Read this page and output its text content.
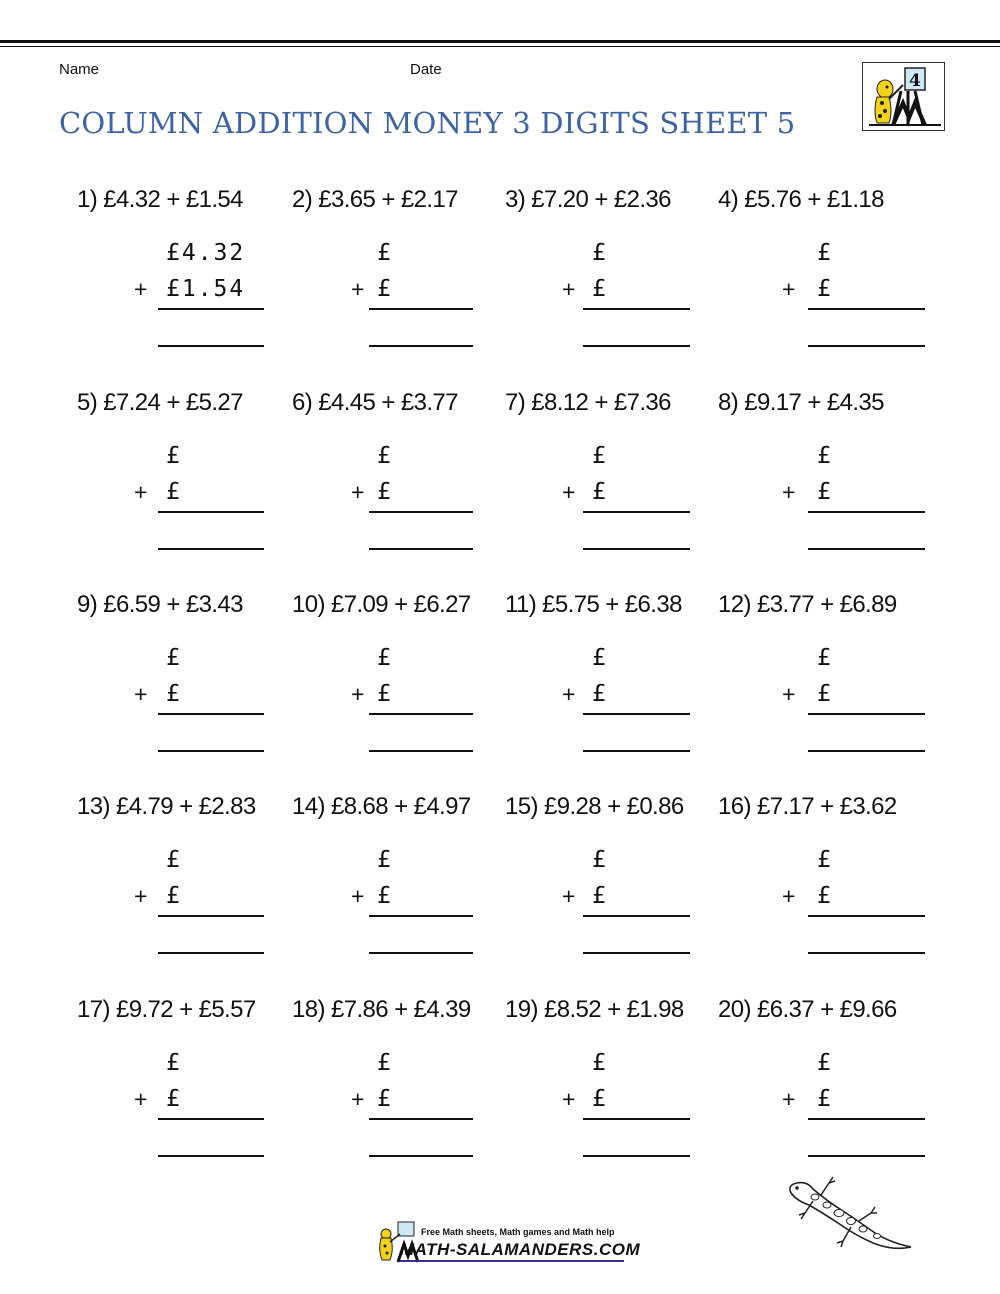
Name	Date
COLUMN ADDITION MONEY 3 DIGITS SHEET 5
4
1) £4.32 + £1.54
£4.32
+ £1.54
2) £3.65 + £2.17
£
+ £
3) £7.20 + £2.36
£
+ £
4) £5.76 + £1.18
£
+ £
5) £7.24 + £5.27
£
+ £
6) £4.45 + £3.77
£
+ £
7) £8.12 + £7.36
£
+ £
8) £9.17 + £4.35
£
+ £
9) £6.59 + £3.43
£
+ £
10) £7.09 + £6.27
£
+ £
11) £5.75 + £6.38
£
+ £
12) £3.77 + £6.89
£
+ £
13) £4.79 + £2.83
£
+ £
14) £8.68 + £4.97
£
+ £
15) £9.28 + £0.86
£
+ £
16) £7.17 + £3.62
£
+ £
17) £9.72 + £5.57
£
+ £
18) £7.86 + £4.39
£
+ £
19) £8.52 + £1.98
£
+ £
20) £6.37 + £9.66
£
+ £
Free Math sheets, Math games and Math help
MATH-SALAMANDERS.COM
